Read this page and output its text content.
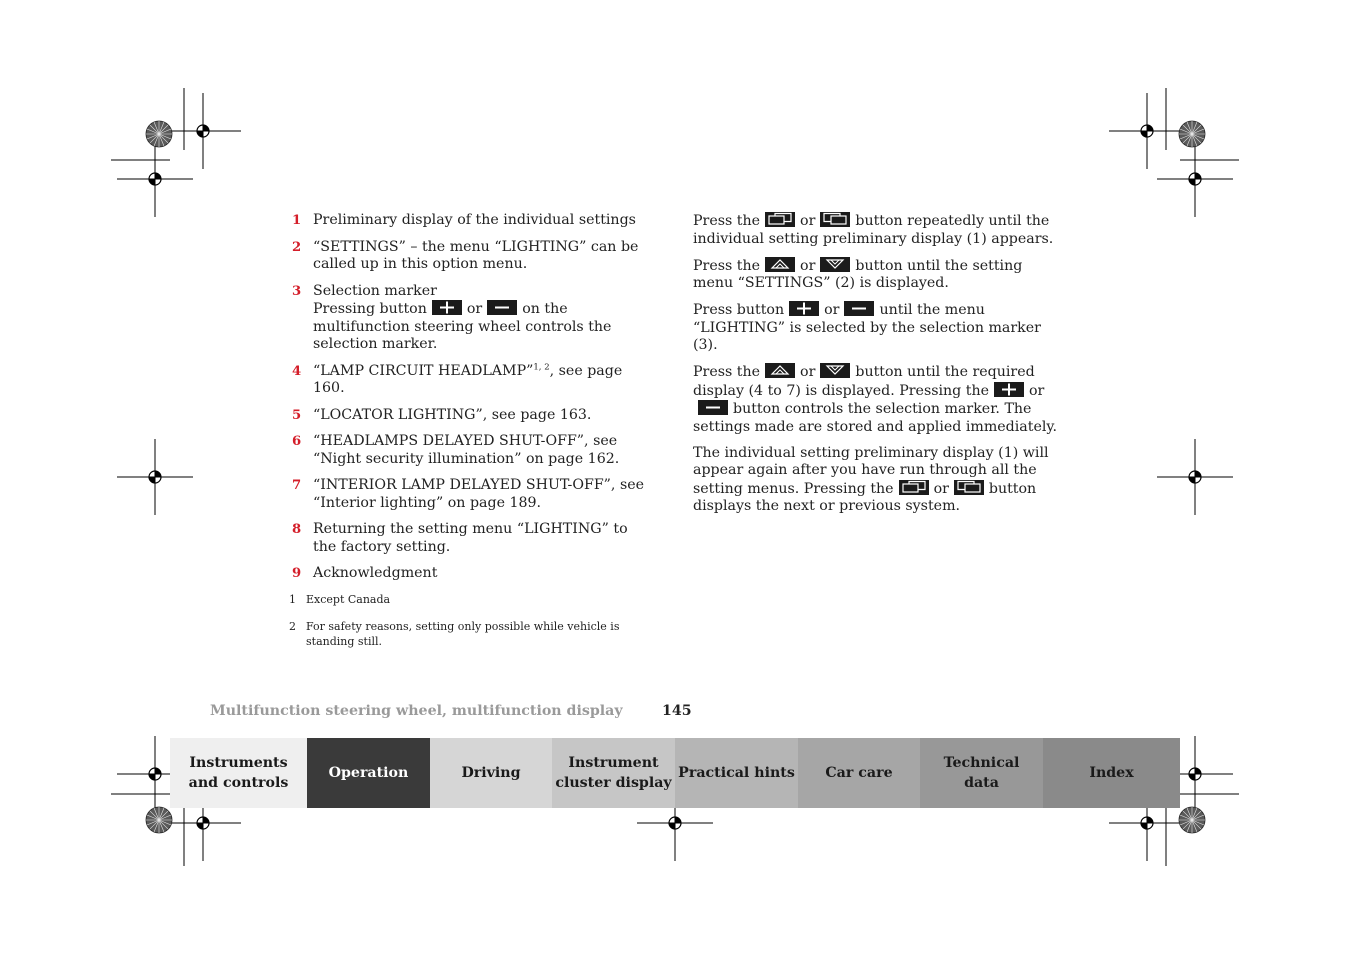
1 Preliminary display of the individual settings
2 “SETTINGS” – the menu “LIGHTING” can be called up in this option menu.
3 Selection marker
Pressing button	or	on the multifunction steering wheel controls the selection marker.
4 “LAMP CIRCUIT HEADLAMP”$^{1, 2}$, see page 160.
5 “LOCATOR LIGHTING”, see page 163.
6 “HEADLAMPS DELAYED SHUT-OFF”, see “Night security illumination” on page 162.
7 “INTERIOR LAMP DELAYED SHUT-OFF”, see “Interior lighting” on page 189.
8 Returning the setting menu “LIGHTING” to the factory setting.
9 Acknowledgment

Press the	or	button repeatedly until the individual setting preliminary display (1) appears.

Press the	or	button until the setting menu “SETTINGS” (2) is displayed.

Press button	or	until the menu “LIGHTING” is selected by the selection marker (3).

Press the	or	button until the required display (4 to 7) is displayed. Pressing the	or
button controls the selection marker. The settings made are stored and applied immediately.

The individual setting preliminary display (1) will appear again after you have run through all the setting menus. Pressing the	or	button displays the next or previous system.

1 Except Canada
2 For safety reasons, setting only possible while vehicle is standing still.
Multifunction steering wheel, multifunction display	145
Instruments
and controls
Operation	Driving
Instrument
cluster display
Practical hints Car care
Technical
data
Index
